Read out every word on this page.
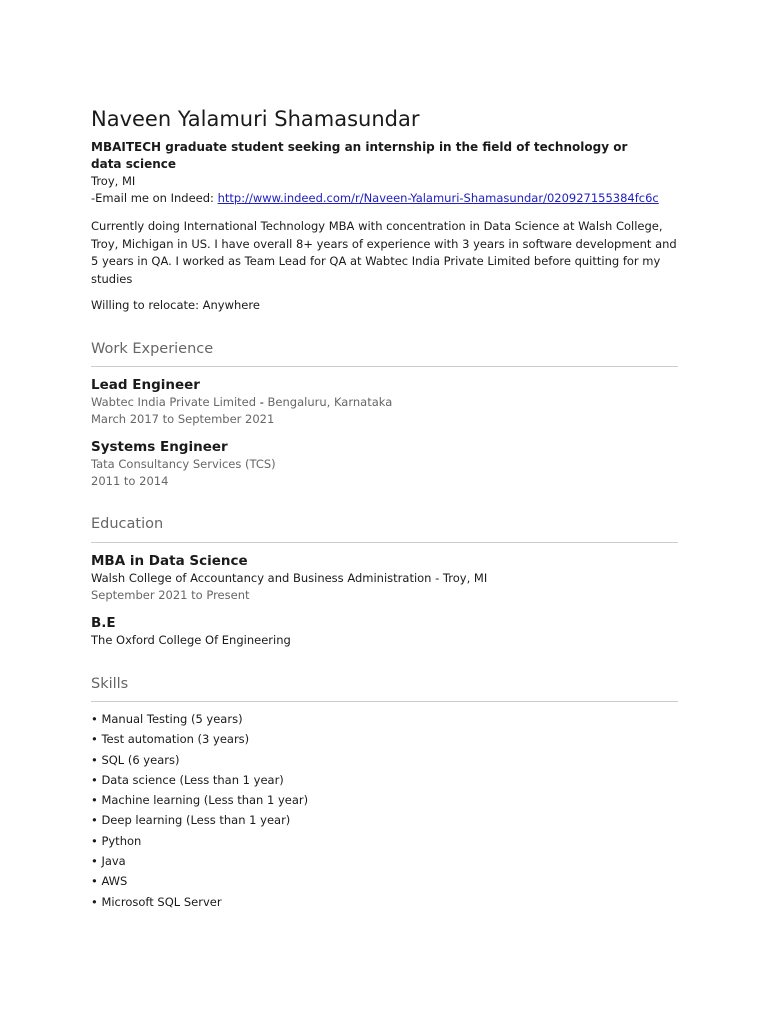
Naveen Yalamuri Shamasundar

MBAITECH graduate student seeking an internship in the field of technology or data science

Troy, MI
-Email me on Indeed: http://www.indeed.com/r/Naveen-Yalamuri-Shamasundar/020927155384fc6c

Currently doing International Technology MBA with concentration in Data Science at Walsh College, Troy, Michigan in US. I have overall 8+ years of experience with 3 years in software development and 5 years in QA. I worked as Team Lead for QA at Wabtec India Private Limited before quitting for my studies

Willing to relocate: Anywhere
Work Experience
Lead Engineer
Wabtec India Private Limited - Bengaluru, Karnataka
March 2017 to September 2021
Systems Engineer
Tata Consultancy Services (TCS)
2011 to 2014
Education
MBA in Data Science
Walsh College of Accountancy and Business Administration - Troy, MI
September 2021 to Present
B.E
The Oxford College Of Engineering
Skills
• Manual Testing (5 years)
• Test automation (3 years)
• SQL (6 years)
• Data science (Less than 1 year)
• Machine learning (Less than 1 year)
• Deep learning (Less than 1 year)
• Python
• Java
• AWS
• Microsoft SQL Server
